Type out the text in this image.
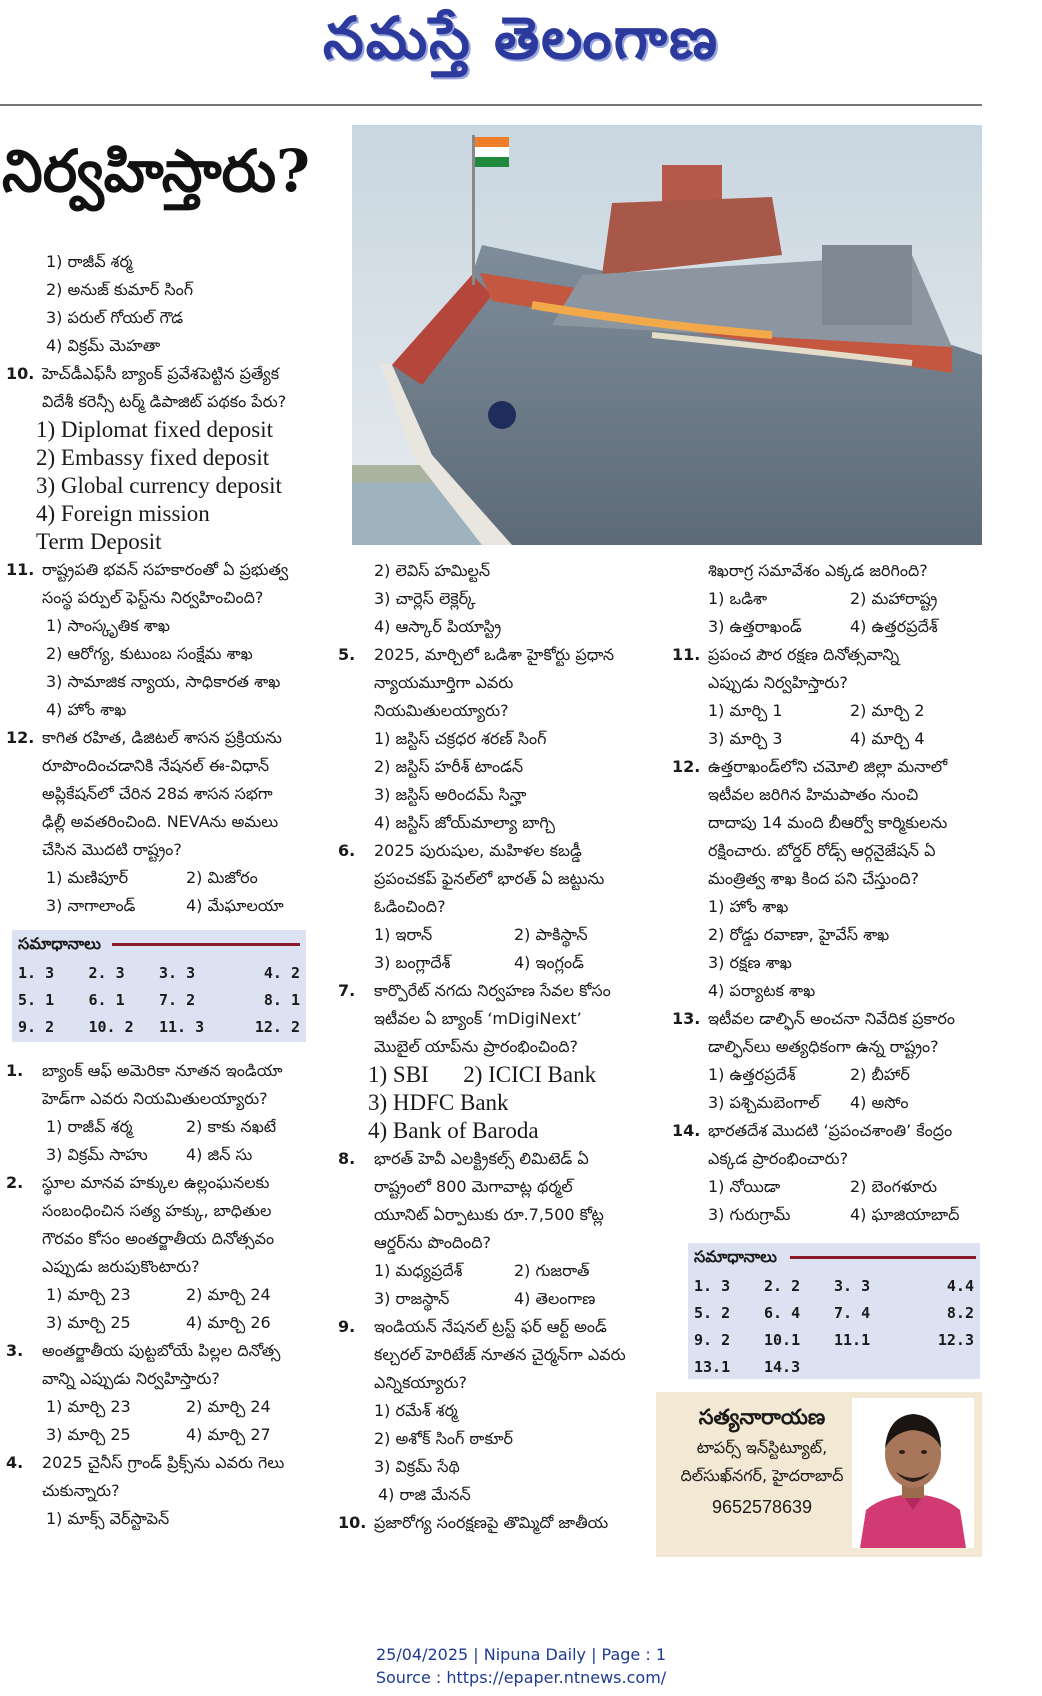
నమస్తే తెలంగాణ
నిర్వహిస్తారు?
1) రాజీవ్ శర్మ
2) అనుజ్ కుమార్ సింగ్
3) పరుల్ గోయల్ గౌడ
4) విక్రమ్ మెహతా
10. హెచ్‌డీఎఫ్‌సీ బ్యాంక్ ప్రవేశపెట్టిన ప్రత్యేక
విదేశీ కరెన్సీ టర్మ్ డిపాజిట్ పథకం పేరు?
1) Diplomat fixed deposit
2) Embassy fixed deposit
3) Global currency deposit
4) Foreign mission
Term Deposit
11. రాష్ట్రపతి భవన్ సహకారంతో ఏ ప్రభుత్వ
సంస్థ పర్పుల్ ఫెస్ట్‌ను నిర్వహించింది?
1) సాంస్కృతిక శాఖ
2) ఆరోగ్య, కుటుంబ సంక్షేమ శాఖ
3) సామాజిక న్యాయ, సాధికారత శాఖ
4) హోం శాఖ
12. కాగిత రహిత, డిజిటల్ శాసన ప్రక్రియను
రూపొందించడానికి నేషనల్ ఈ-విధాన్
అప్లికేషన్‌లో చేరిన 28వ శాసన సభగా
ఢిల్లీ అవతరించింది. NEVAను అమలు
చేసిన మొదటి రాష్ట్రం?
1) మణిపూర్	2) మిజోరం
3) నాగాలాండ్	4) మేఘాలయా
సమాధానాలు
1. 3	2. 3	3. 3	4. 2
5. 1	6. 1	7. 2	8. 1
9. 2	10. 2	11. 3	12. 2
1. బ్యాంక్ ఆఫ్ అమెరికా నూతన ఇండియా
హెడ్‌గా ఎవరు నియమితులయ్యారు?
1) రాజీవ్ శర్మ	2) కాకు నఖటే
3) విక్రమ్ సాహు	4) జిన్ సు
2. స్థూల మానవ హక్కుల ఉల్లంఘనలకు
సంబంధించిన సత్య హక్కు, బాధితుల
గౌరవం కోసం అంతర్జాతీయ దినోత్సవం
ఎప్పుడు జరుపుకొంటారు?
1) మార్చి 23	2) మార్చి 24
3) మార్చి 25	4) మార్చి 26
3. అంతర్జాతీయ పుట్టబోయే పిల్లల దినోత్స
వాన్ని ఎప్పుడు నిర్వహిస్తారు?
1) మార్చి 23	2) మార్చి 24
3) మార్చి 25	4) మార్చి 27
4. 2025 చైనీస్ గ్రాండ్ ప్రిక్స్‌ను ఎవరు గెలు
చుకున్నారు?
1) మాక్స్ వెర్‌స్టాపెన్
2) లెవిస్ హమిల్టన్
3) చార్లెస్ లెక్లెర్క్
4) ఆస్కార్ పియాస్ట్రి
5. 2025, మార్చిలో ఒడిశా హైకోర్టు ప్రధాన
న్యాయమూర్తిగా ఎవరు
నియమితులయ్యారు?
1) జస్టిస్ చక్రధర శరణ్ సింగ్
2) జస్టిస్ హరీశ్ టాండన్
3) జస్టిస్ అరిందమ్ సిన్హా
4) జస్టిస్ జోయ్‌మాల్యా బాగ్చి
6. 2025 పురుషుల, మహిళల కబడ్డీ
ప్రపంచకప్ ఫైనల్‌లో భారత్ ఏ జట్టును
ఓడించింది?
1) ఇరాన్	2) పాకిస్థాన్
3) బంగ్లాదేశ్	4) ఇంగ్లండ్
7. కార్పొరేట్ నగదు నిర్వహణ సేవల కోసం
ఇటీవల ఏ బ్యాంక్ ‘mDigiNext’
మొబైల్ యాప్‌ను ప్రారంభించింది?
1) SBI      2) ICICI Bank
3) HDFC Bank
4) Bank of Baroda
8. భారత్ హెవీ ఎలక్ట్రికల్స్ లిమిటెడ్ ఏ
రాష్ట్రంలో 800 మెగావాట్ల థర్మల్
యూనిట్ ఏర్పాటుకు రూ.7,500 కోట్ల
ఆర్డర్‌ను పొందింది?
1) మధ్యప్రదేశ్	2) గుజరాత్
3) రాజస్థాన్	4) తెలంగాణ
9. ఇండియన్ నేషనల్ ట్రస్ట్ ఫర్ ఆర్ట్ అండ్
కల్చరల్ హెరిటేజ్ నూతన చైర్మన్‌గా ఎవరు
ఎన్నికయ్యారు?
1) రమేశ్ శర్మ
2) అశోక్ సింగ్ ఠాకూర్
3) విక్రమ్ సేథి
4) రాజి మేనన్
10. ప్రజారోగ్య సంరక్షణపై తొమ్మిదో జాతీయ
శిఖరాగ్ర సమావేశం ఎక్కడ జరిగింది?
1) ఒడిశా	2) మహారాష్ట్ర
3) ఉత్తరాఖండ్	4) ఉత్తరప్రదేశ్
11. ప్రపంచ పౌర రక్షణ దినోత్సవాన్ని
ఎప్పుడు నిర్వహిస్తారు?
1) మార్చి 1	2) మార్చి 2
3) మార్చి 3	4) మార్చి 4
12. ఉత్తరాఖండ్‌లోని చమోలి జిల్లా మనాలో
ఇటీవల జరిగిన హిమపాతం నుంచి
దాదాపు 14 మంది బీఆర్వో కార్మికులను
రక్షించారు. బోర్డర్ రోడ్స్ ఆర్గనైజేషన్ ఏ
మంత్రిత్వ శాఖ కింద పని చేస్తుంది?
1) హోం శాఖ
2) రోడ్డు రవాణా, హైవేస్ శాఖ
3) రక్షణ శాఖ
4) పర్యాటక శాఖ
13. ఇటీవల డాల్ఫిన్ అంచనా నివేదిక ప్రకారం
డాల్ఫిన్‌లు అత్యధికంగా ఉన్న రాష్ట్రం?
1) ఉత్తరప్రదేశ్	2) బీహార్
3) పశ్చిమబెంగాల్	4) అసోం
14. భారతదేశ మొదటి ‘ప్రపంచశాంతి’ కేంద్రం
ఎక్కడ ప్రారంభించారు?
1) నోయిడా	2) బెంగళూరు
3) గురుగ్రామ్	4) ఘాజియాబాద్
సమాధానాలు
1. 3	2. 2	3. 3	4.4
5. 2	6. 4	7. 4	8.2
9. 2	10.1	11.1	12.3
13.1	14.3
సత్యనారాయణ
టాపర్స్ ఇన్‌స్టిట్యూట్,
దిల్‌సుఖ్‌నగర్, హైదరాబాద్
9652578639
25/04/2025 | Nipuna Daily | Page : 1
Source : https://epaper.ntnews.com/
